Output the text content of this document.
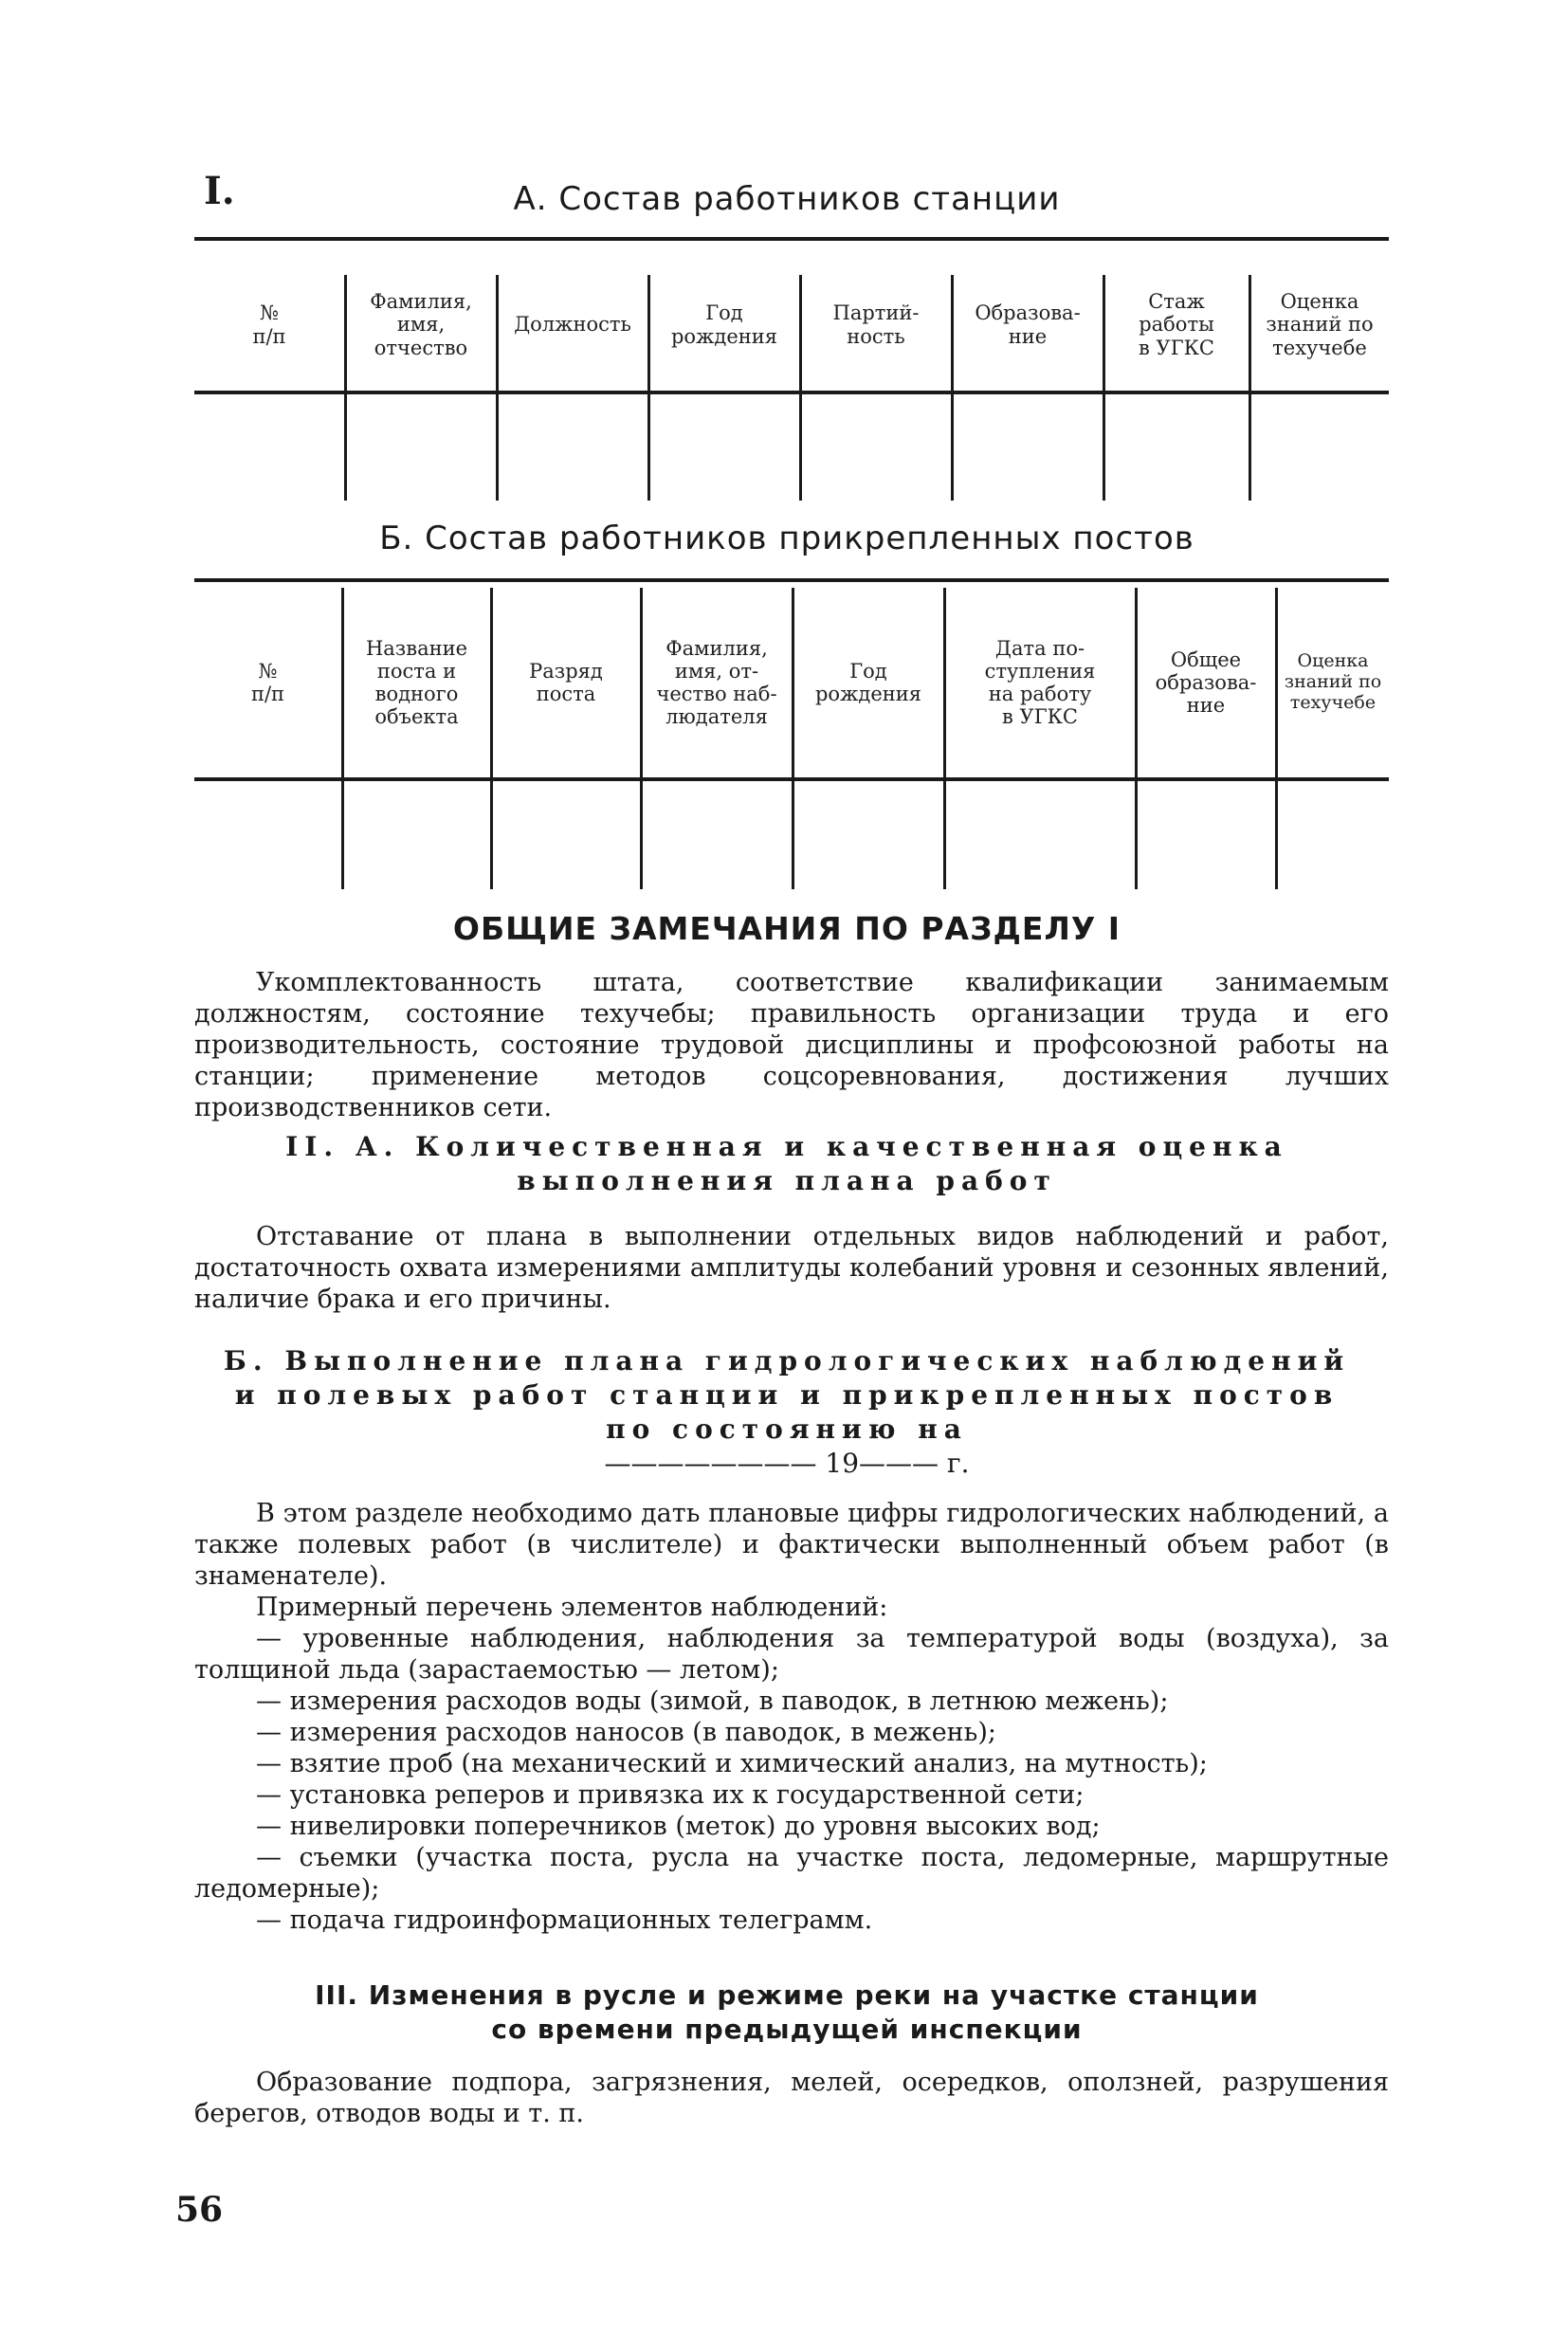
I.	А. Состав работников станции
№
п/п
Фамилия,
имя,
отчество
Должность
Год
рождения
Партий-
ность
Образова-
ние
Стаж
работы
в УГКС
Оценка
знаний по
техучебе
Б. Состав работников прикрепленных постов
№
п/п
Название
поста и
водного
объекта
Разряд
поста
Фамилия,
имя, от-
чество наб-
людателя
Год
рождения
Дата по-
ступления
на работу
в УГКС
Общее
образова-
ние
Оценка
знаний по
техучебе
ОБЩИЕ ЗАМЕЧАНИЯ ПО РАЗДЕЛУ I
Укомплектованность штата, соответствие квалификации занимаемым должностям, состояние техучебы; правильность организации труда и его производительность, состояние трудовой дисциплины и профсоюзной работы на станции; применение методов соцсоревнования, достижения лучших производственников сети.
II. А. Количественная и качественная оценка
выполнения плана работ
Отставание от плана в выполнении отдельных видов наблюдений и работ, достаточность охвата измерениями амплитуды колебаний уровня и сезонных явлений, наличие брака и его причины.
Б. Выполнение плана гидрологических наблюдений
и полевых работ станции и прикрепленных постов
по состоянию на
———————— 19——— г.
В этом разделе необходимо дать плановые цифры гидрологических наблюдений, а также полевых работ (в числителе) и фактически выполненный объем работ (в знаменателе).
Примерный перечень элементов наблюдений:
— уровенные наблюдения, наблюдения за температурой воды (воздуха), за толщиной льда (зарастаемостью — летом);
— измерения расходов воды (зимой, в паводок, в летнюю межень);
— измерения расходов наносов (в паводок, в межень);
— взятие проб (на механический и химический анализ, на мутность);
— установка реперов и привязка их к государственной сети;
— нивелировки поперечников (меток) до уровня высоких вод;
— съемки (участка поста, русла на участке поста, ледомерные, маршрутные ледомерные);
— подача гидроинформационных телеграмм.
III. Изменения в русле и режиме реки на участке станции
со времени предыдущей инспекции
Образование подпора, загрязнения, мелей, осередков, оползней, разрушения берегов, отводов воды и т. п.
56
